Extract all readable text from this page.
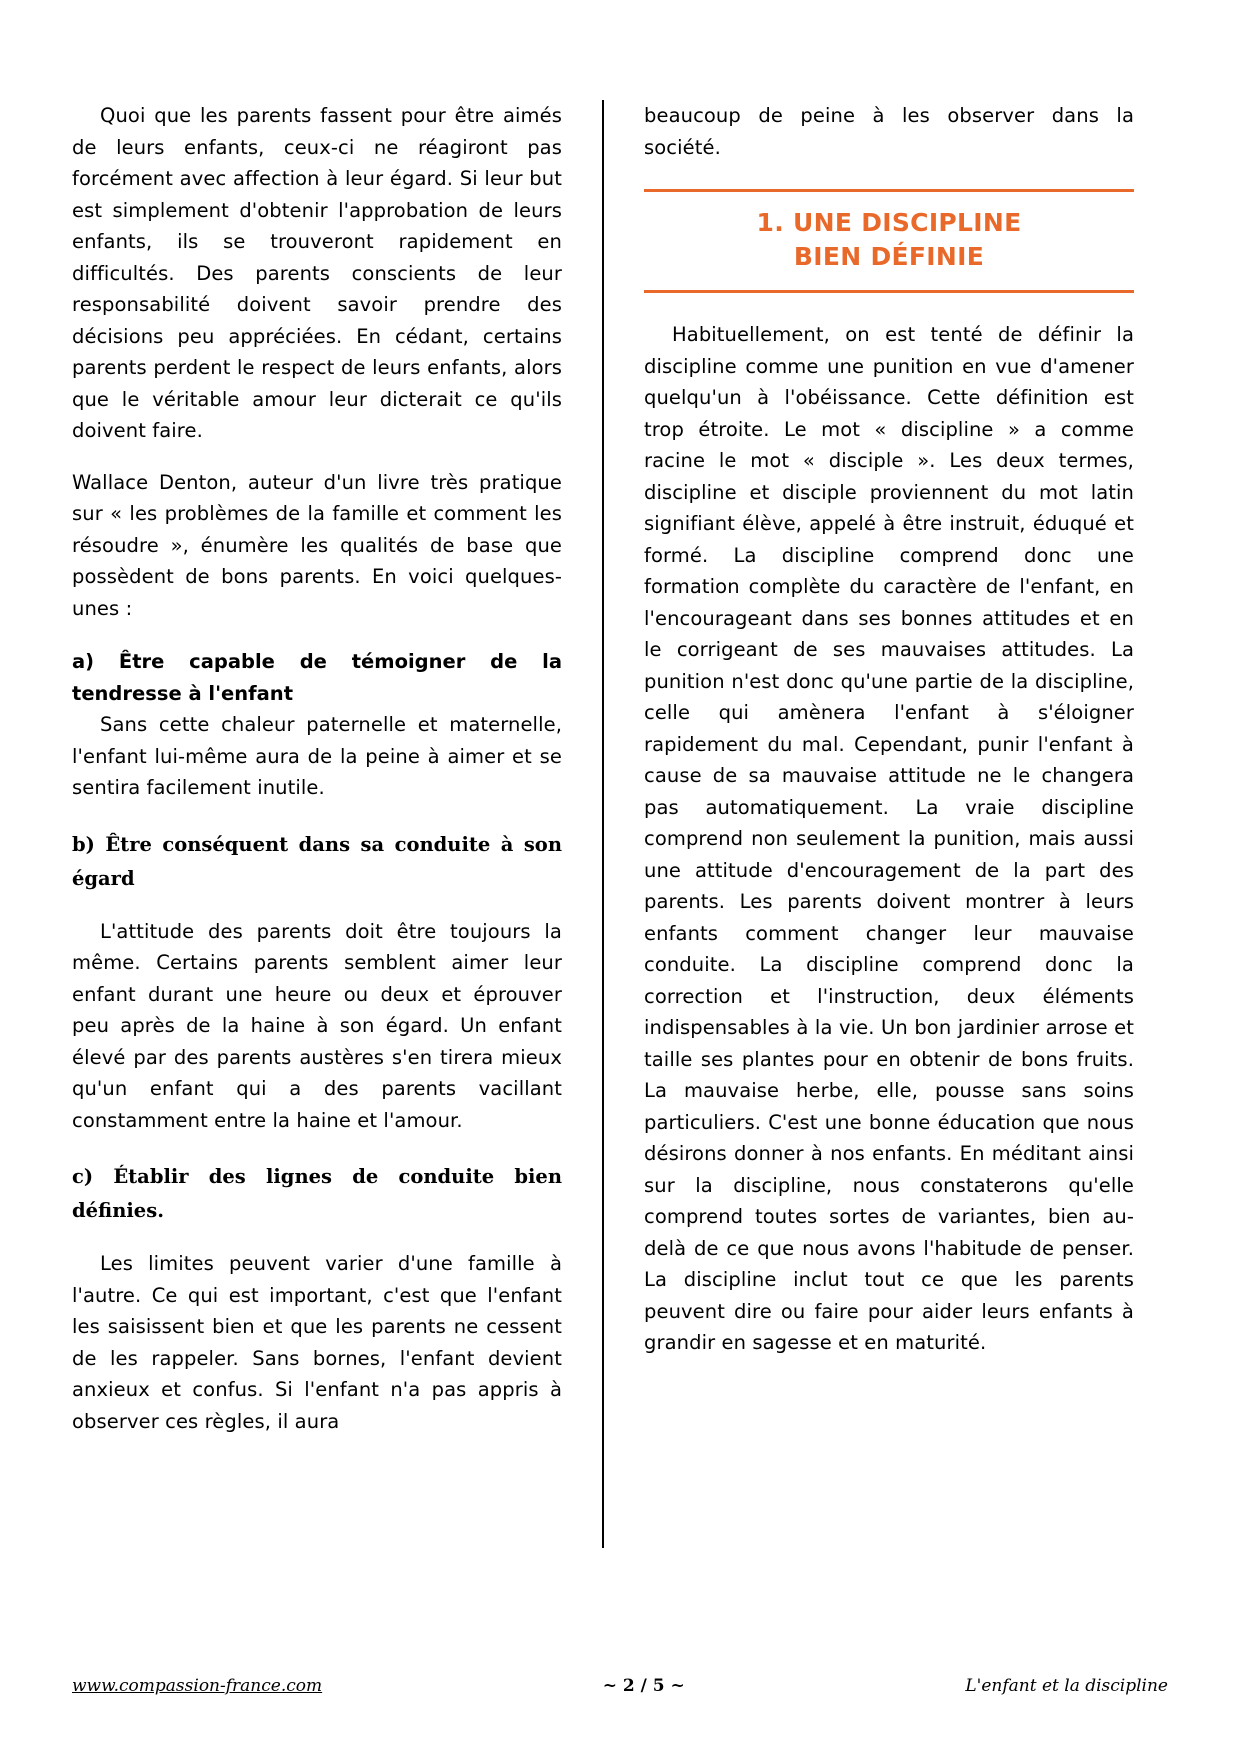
Quoi que les parents fassent pour être aimés de leurs enfants, ceux-ci ne réagiront pas forcément avec affection à leur égard. Si leur but est simplement d'obtenir l'approbation de leurs enfants, ils se trouveront rapidement en difficultés. Des parents conscients de leur responsabilité doivent savoir prendre des décisions peu appréciées. En cédant, certains parents perdent le respect de leurs enfants, alors que le véritable amour leur dicterait ce qu'ils doivent faire.

Wallace Denton, auteur d'un livre très pratique sur « les problèmes de la famille et comment les résoudre », énumère les qualités de base que possèdent de bons parents. En voici quelques-unes :

a) Être capable de témoigner de la tendresse à l'enfant

Sans cette chaleur paternelle et maternelle, l'enfant lui-même aura de la peine à aimer et se sentira facilement inutile.

b) Être conséquent dans sa conduite à son égard

L'attitude des parents doit être toujours la même. Certains parents semblent aimer leur enfant durant une heure ou deux et éprouver peu après de la haine à son égard. Un enfant élevé par des parents austères s'en tirera mieux qu'un enfant qui a des parents vacillant constamment entre la haine et l'amour.

c) Établir des lignes de conduite bien définies.

Les limites peuvent varier d'une famille à l'autre. Ce qui est important, c'est que l'enfant les saisissent bien et que les parents ne cessent de les rappeler. Sans bornes, l'enfant devient anxieux et confus. Si l'enfant n'a pas appris à observer ces règles, il aura

beaucoup de peine à les observer dans la société.

1. UNE DISCIPLINE
BIEN DÉFINIE

Habituellement, on est tenté de définir la discipline comme une punition en vue d'amener quelqu'un à l'obéissance. Cette définition est trop étroite. Le mot « discipline » a comme racine le mot « disciple ». Les deux termes, discipline et disciple proviennent du mot latin signifiant élève, appelé à être instruit, éduqué et formé. La discipline comprend donc une formation complète du caractère de l'enfant, en l'encourageant dans ses bonnes attitudes et en le corrigeant de ses mauvaises attitudes. La punition n'est donc qu'une partie de la discipline, celle qui amènera l'enfant à s'éloigner rapidement du mal. Cependant, punir l'enfant à cause de sa mauvaise attitude ne le changera pas automatiquement. La vraie discipline comprend non seulement la punition, mais aussi une attitude d'encouragement de la part des parents. Les parents doivent montrer à leurs enfants comment changer leur mauvaise conduite. La discipline comprend donc la correction et l'instruction, deux éléments indispensables à la vie. Un bon jardinier arrose et taille ses plantes pour en obtenir de bons fruits. La mauvaise herbe, elle, pousse sans soins particuliers. C'est une bonne éducation que nous désirons donner à nos enfants. En méditant ainsi sur la discipline, nous constaterons qu'elle comprend toutes sortes de variantes, bien au-delà de ce que nous avons l'habitude de penser. La discipline inclut tout ce que les parents peuvent dire ou faire pour aider leurs enfants à grandir en sagesse et en maturité.

www.compassion-france.com	~ 2 / 5 ~	L'enfant et la discipline
